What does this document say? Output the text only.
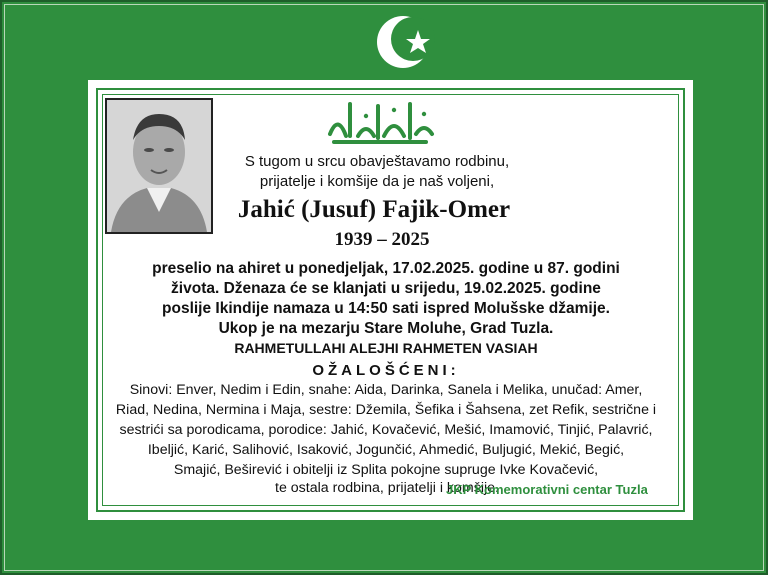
S tugom u srcu obavještavamo rodbinu,
prijatelje i komšije da je naš voljeni,
Jahić (Jusuf) Fajik-Omer
1939 – 2025
preselio na ahiret u ponedjeljak, 17.02.2025. godine u 87. godini
života. Dženaza će se klanjati u srijedu, 19.02.2025. godine
poslije Ikindije namaza u 14:50 sati ispred Molušske džamije.
Ukop je na mezarju Stare Moluhe, Grad Tuzla.
RAHMETULLAHI ALEJHI RAHMETEN VASIAH
OŽALOŠĆENI:
Sinovi: Enver, Nedim i Edin, snahe: Aida, Darinka, Sanela i Melika, unučad: Amer,
Riad, Nedina, Nermina i Maja, sestre: Džemila, Šefika i Šahsena, zet Refik, sestrične i
sestrići sa porodicama, porodice: Jahić, Kovačević, Mešić, Imamović, Tinjić, Palavrić,
Ibeljić, Karić, Salihović, Isaković, Jogunčić, Ahmedić, Buljugić, Mekić, Begić,
Smajić, Beširević i obitelji iz Splita pokojne supruge Ivke Kovačević,
te ostala rodbina, prijatelji i komšije.
JKP Komemorativni centar Tuzla
